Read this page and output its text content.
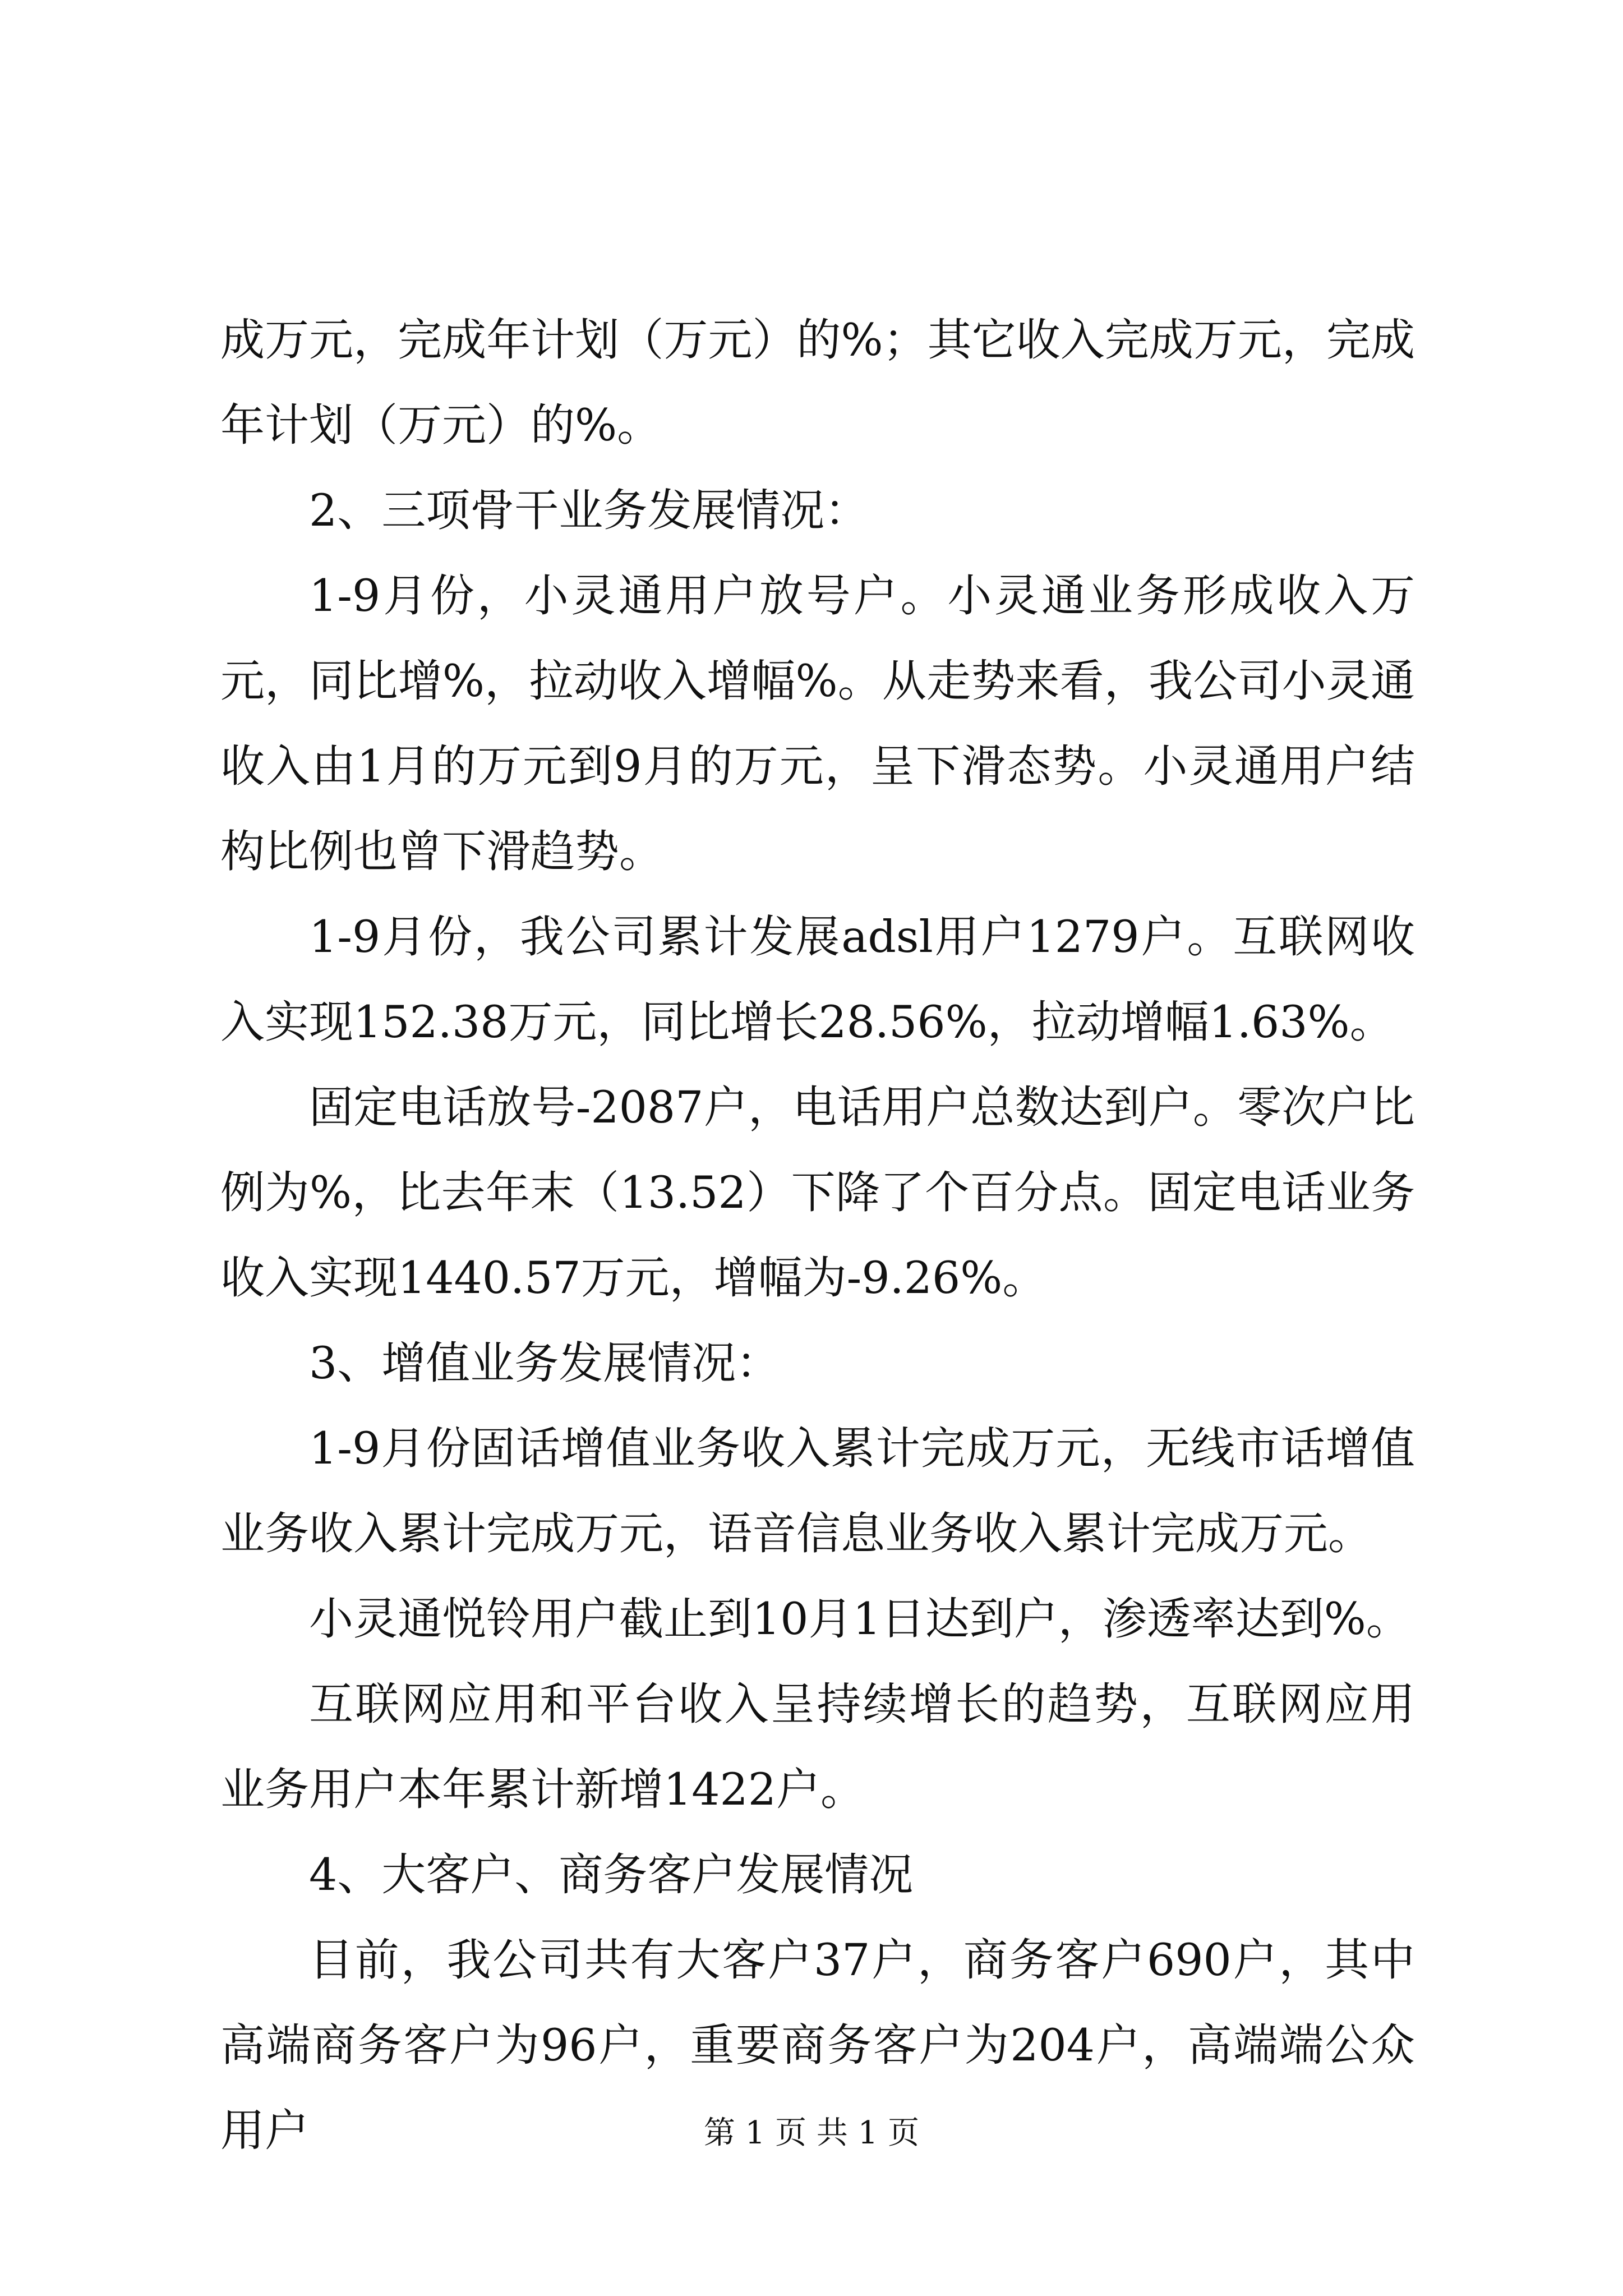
成万元，完成年计划（万元）的%；其它收入完成万元，完成年计划（万元）的%。

2、三项骨干业务发展情况：

1-9月份，小灵通用户放号户。小灵通业务形成收入万元，同比增%，拉动收入增幅%。从走势来看，我公司小灵通收入由1月的万元到9月的万元，呈下滑态势。小灵通用户结构比例也曾下滑趋势。

1-9月份，我公司累计发展adsl用户1279户。互联网收入实现152.38万元，同比增长28.56%，拉动增幅1.63%。

固定电话放号-2087户，电话用户总数达到户。零次户比例为%，比去年末（13.52）下降了个百分点。固定电话业务收入实现1440.57万元，增幅为-9.26%。

3、增值业务发展情况：

1-9月份固话增值业务收入累计完成万元，无线市话增值业务收入累计完成万元，语音信息业务收入累计完成万元。

小灵通悦铃用户截止到10月1日达到户，渗透率达到%。

互联网应用和平台收入呈持续增长的趋势，互联网应用业务用户本年累计新增1422户。

4、大客户、商务客户发展情况

目前，我公司共有大客户37户，商务客户690户，其中高端商务客户为96户，重要商务客户为204户，高端端公众用户	第 1 页 共 1 页
